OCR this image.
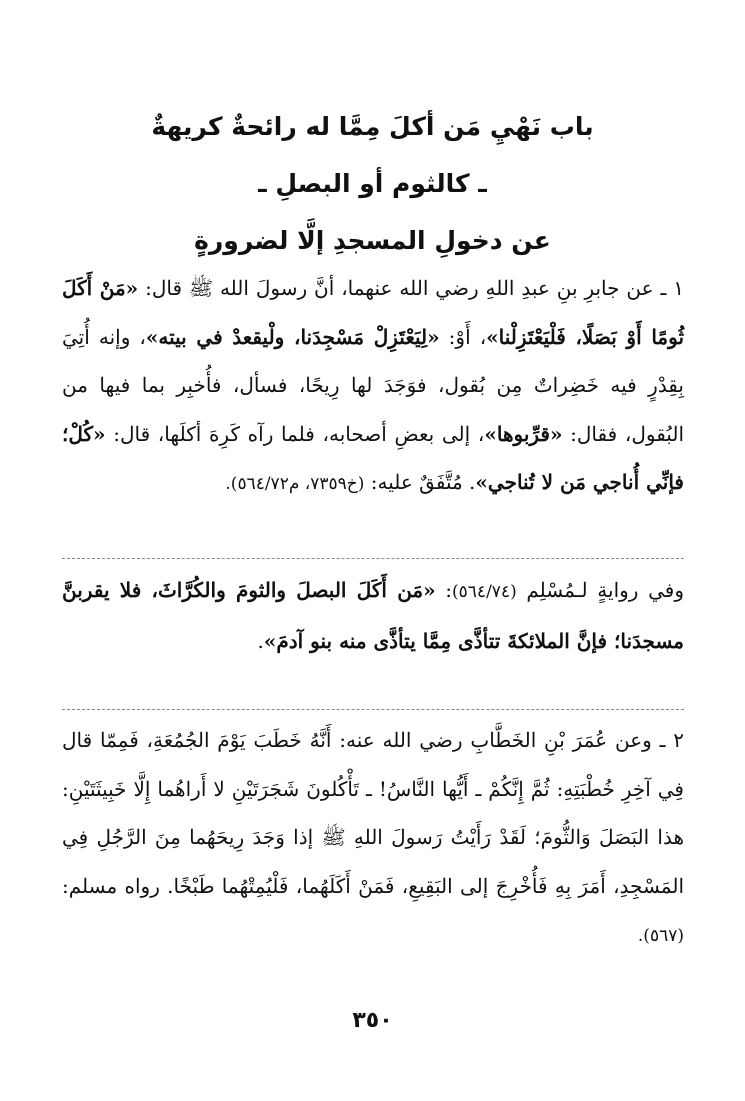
باب نَهْيِ مَن أكلَ مِمَّا له رائحةٌ كريهةٌ
ـ كالثوم أو البصلِ ـ
عن دخولِ المسجدِ إلَّا لضرورةٍ

١ ـ عن جابرِ بنِ عبدِ اللهِ رضي الله عنهما، أنَّ رسولَ الله ﷺ قال: «مَنْ أَكَلَ ثُومًا أَوْ بَصَلًا، فَلْيَعْتَزِلْنا»، أَوْ: «لِيَعْتَزِلْ مَسْجِدَنا، ولْيقعدْ في بيته»، وإنه أُتِيَ بِقِدْرٍ فيه خَضِراتٌ مِن بُقول، فوَجَدَ لها رِيحًا، فسأل، فأُخبِر بما فيها من البُقول، فقال: «قرِّبوها»، إلى بعضِ أصحابه، فلما رآه كَرِهَ أكلَها، قال: «كُلْ؛ فإنِّي أُناجي مَن لا تُناجي». مُتَّفَقٌ عليه: (خ٧٣٥٩، م٥٦٤/٧٢).

وفي روايةٍ لـمُسْلِم (٥٦٤/٧٤): «مَن أَكَلَ البصلَ والثومَ والكُرَّاثَ، فلا يقربنَّ مسجدَنا؛ فإنَّ الملائكةَ تتأذَّى مِمَّا يتأذَّى منه بنو آدمَ».

٢ ـ وعن عُمَرَ بْنِ الخَطَّابِ رضي الله عنه: أَنَّهُ خَطَبَ يَوْمَ الجُمُعَةِ، فَمِمّا قال فِي آخِرِ خُطْبَتِهِ: ثُمَّ إِنَّكُمْ ـ أَيُّها النَّاسُ! ـ تَأْكُلونَ شَجَرَتَيْنِ لا أَراهُما إِلَّا خَبِيثَتَيْنِ: هذا البَصَلَ وَالثُّومَ؛ لَقَدْ رَأَيْتُ رَسولَ اللهِ ﷺ إذا وَجَدَ رِيحَهُما مِنَ الرَّجُلِ فِي المَسْجِدِ، أَمَرَ بِهِ فَأُخْرِجَ إلى البَقِيعِ، فَمَنْ أَكَلَهُما، فَلْيُمِتْهُما طَبْخًا. رواه مسلم: (٥٦٧).

٣٥٠
